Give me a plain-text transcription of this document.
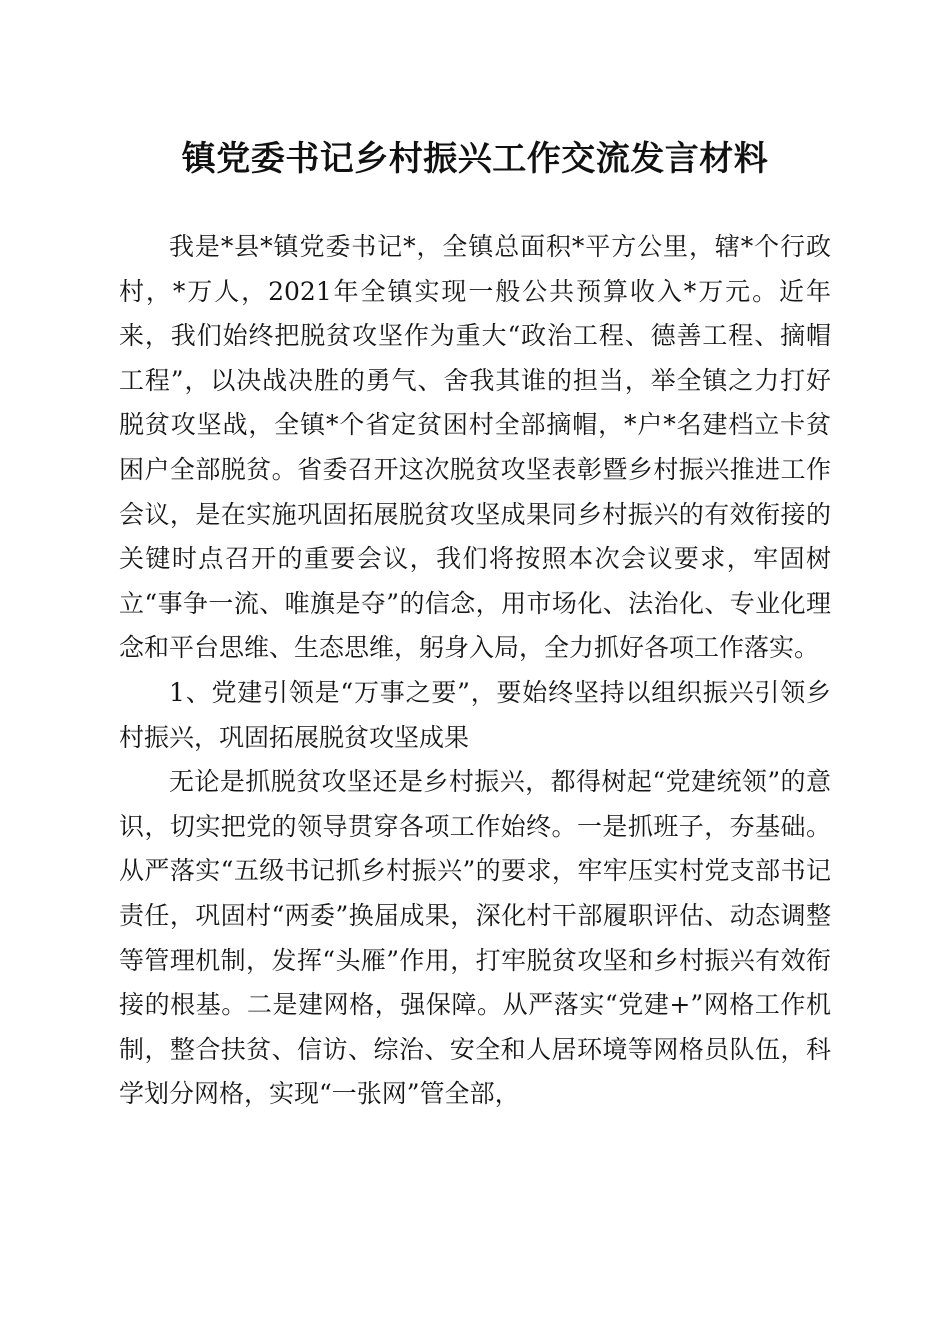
镇党委书记乡村振兴工作交流发言材料

我是*县*镇党委书记*，全镇总面积*平方公里，辖*个行政村，*万人，2021年全镇实现一般公共预算收入*万元。近年来，我们始终把脱贫攻坚作为重大“政治工程、德善工程、摘帽工程”，以决战决胜的勇气、舍我其谁的担当，举全镇之力打好脱贫攻坚战，全镇*个省定贫困村全部摘帽，*户*名建档立卡贫困户全部脱贫。省委召开这次脱贫攻坚表彰暨乡村振兴推进工作会议，是在实施巩固拓展脱贫攻坚成果同乡村振兴的有效衔接的关键时点召开的重要会议，我们将按照本次会议要求，牢固树立“事争一流、唯旗是夺”的信念，用市场化、法治化、专业化理念和平台思维、生态思维，躬身入局，全力抓好各项工作落实。

1、党建引领是“万事之要”，要始终坚持以组织振兴引领乡村振兴，巩固拓展脱贫攻坚成果

无论是抓脱贫攻坚还是乡村振兴，都得树起“党建统领”的意识，切实把党的领导贯穿各项工作始终。一是抓班子，夯基础。从严落实“五级书记抓乡村振兴”的要求，牢牢压实村党支部书记责任，巩固村“两委”换届成果，深化村干部履职评估、动态调整等管理机制，发挥“头雁”作用，打牢脱贫攻坚和乡村振兴有效衔接的根基。二是建网格，强保障。从严落实“党建+”网格工作机制，整合扶贫、信访、综治、安全和人居环境等网格员队伍，科学划分网格，实现“一张网”管全部，
